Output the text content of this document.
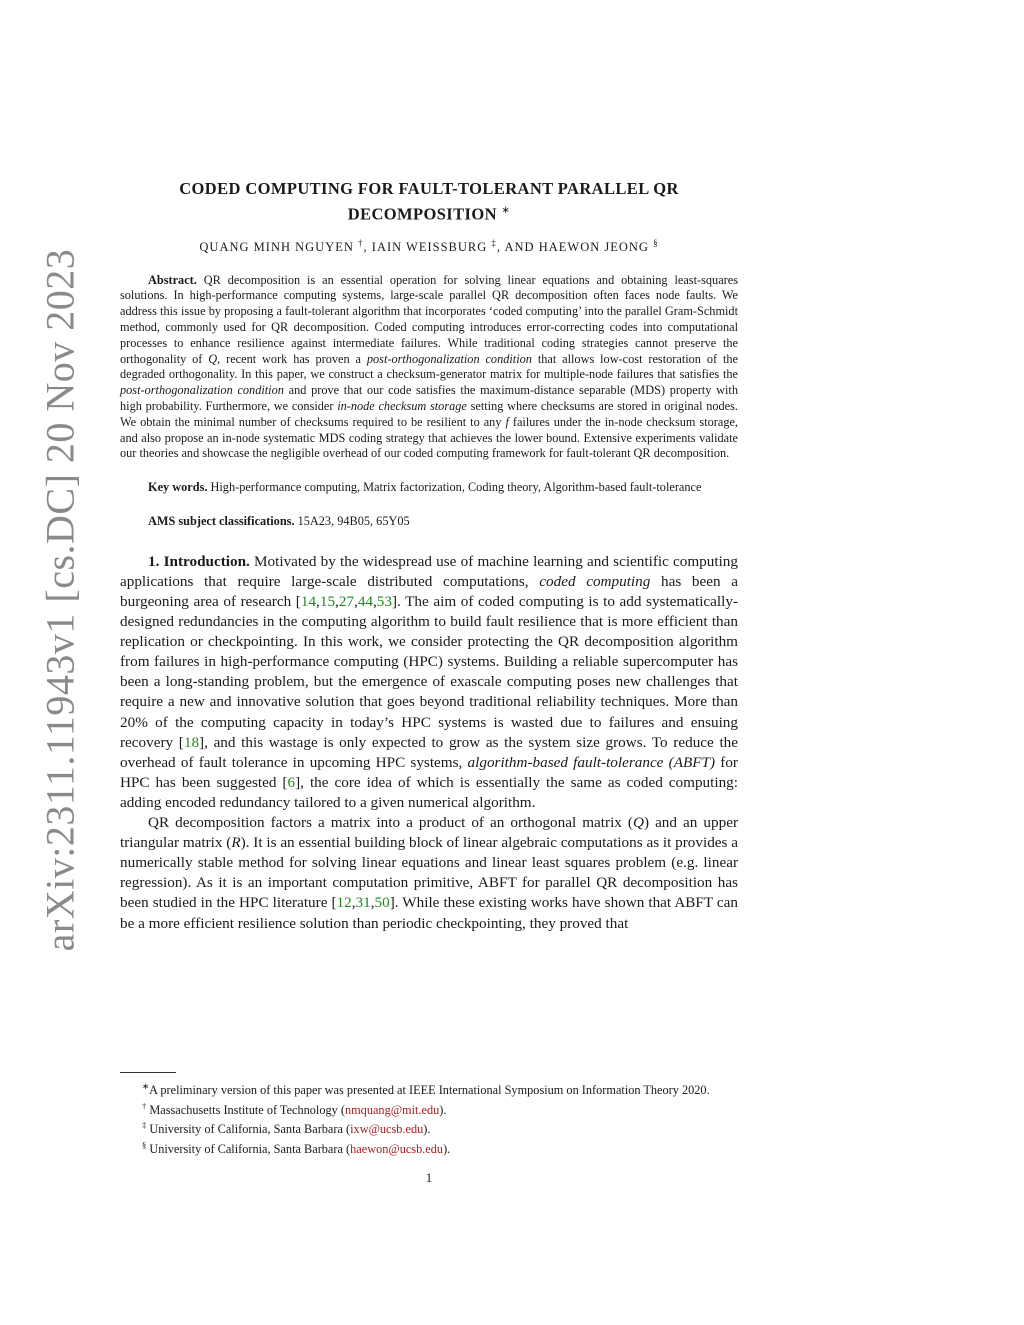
arXiv:2311.11943v1 [cs.DC] 20 Nov 2023
CODED COMPUTING FOR FAULT-TOLERANT PARALLEL QR
DECOMPOSITION ∗
QUANG MINH NGUYEN †, IAIN WEISSBURG ‡, AND HAEWON JEONG §
Abstract. QR decomposition is an essential operation for solving linear equations and obtaining least-squares solutions. In high-performance computing systems, large-scale parallel QR decomposition often faces node faults. We address this issue by proposing a fault-tolerant algorithm that incorporates ‘coded computing’ into the parallel Gram-Schmidt method, commonly used for QR decomposition. Coded computing introduces error-correcting codes into computational processes to enhance resilience against intermediate failures. While traditional coding strategies cannot preserve the orthogonality of Q, recent work has proven a post-orthogonalization condition that allows low-cost restoration of the degraded orthogonality. In this paper, we construct a checksum-generator matrix for multiple-node failures that satisfies the post-orthogonalization condition and prove that our code satisfies the maximum-distance separable (MDS) property with high probability. Furthermore, we consider in-node checksum storage setting where checksums are stored in original nodes. We obtain the minimal number of checksums required to be resilient to any f failures under the in-node checksum storage, and also propose an in-node systematic MDS coding strategy that achieves the lower bound. Extensive experiments validate our theories and showcase the negligible overhead of our coded computing framework for fault-tolerant QR decomposition.
Key words. High-performance computing, Matrix factorization, Coding theory, Algorithm-based fault-tolerance
AMS subject classifications. 15A23, 94B05, 65Y05

1. Introduction. Motivated by the widespread use of machine learning and scientific computing applications that require large-scale distributed computations, coded computing has been a burgeoning area of research [14,15,27,44,53]. The aim of coded computing is to add systematically-designed redundancies in the computing algorithm to build fault resilience that is more efficient than replication or checkpointing. In this work, we consider protecting the QR decomposition algorithm from failures in high-performance computing (HPC) systems. Building a reliable supercomputer has been a long-standing problem, but the emergence of exascale computing poses new challenges that require a new and innovative solution that goes beyond traditional reliability techniques. More than 20% of the computing capacity in today’s HPC systems is wasted due to failures and ensuing recovery [18], and this wastage is only expected to grow as the system size grows. To reduce the overhead of fault tolerance in upcoming HPC systems, algorithm-based fault-tolerance (ABFT) for HPC has been suggested [6], the core idea of which is essentially the same as coded computing: adding encoded redundancy tailored to a given numerical algorithm.

QR decomposition factors a matrix into a product of an orthogonal matrix (Q) and an upper triangular matrix (R). It is an essential building block of linear algebraic computations as it provides a numerically stable method for solving linear equations and linear least squares problem (e.g. linear regression). As it is an important computation primitive, ABFT for parallel QR decomposition has been studied in the HPC literature [12,31,50]. While these existing works have shown that ABFT can be a more efficient resilience solution than periodic checkpointing, they proved that

∗A preliminary version of this paper was presented at IEEE International Symposium on Information Theory 2020.

† Massachusetts Institute of Technology (nmquang@mit.edu).

‡ University of California, Santa Barbara (ixw@ucsb.edu).

§ University of California, Santa Barbara (haewon@ucsb.edu).

1
